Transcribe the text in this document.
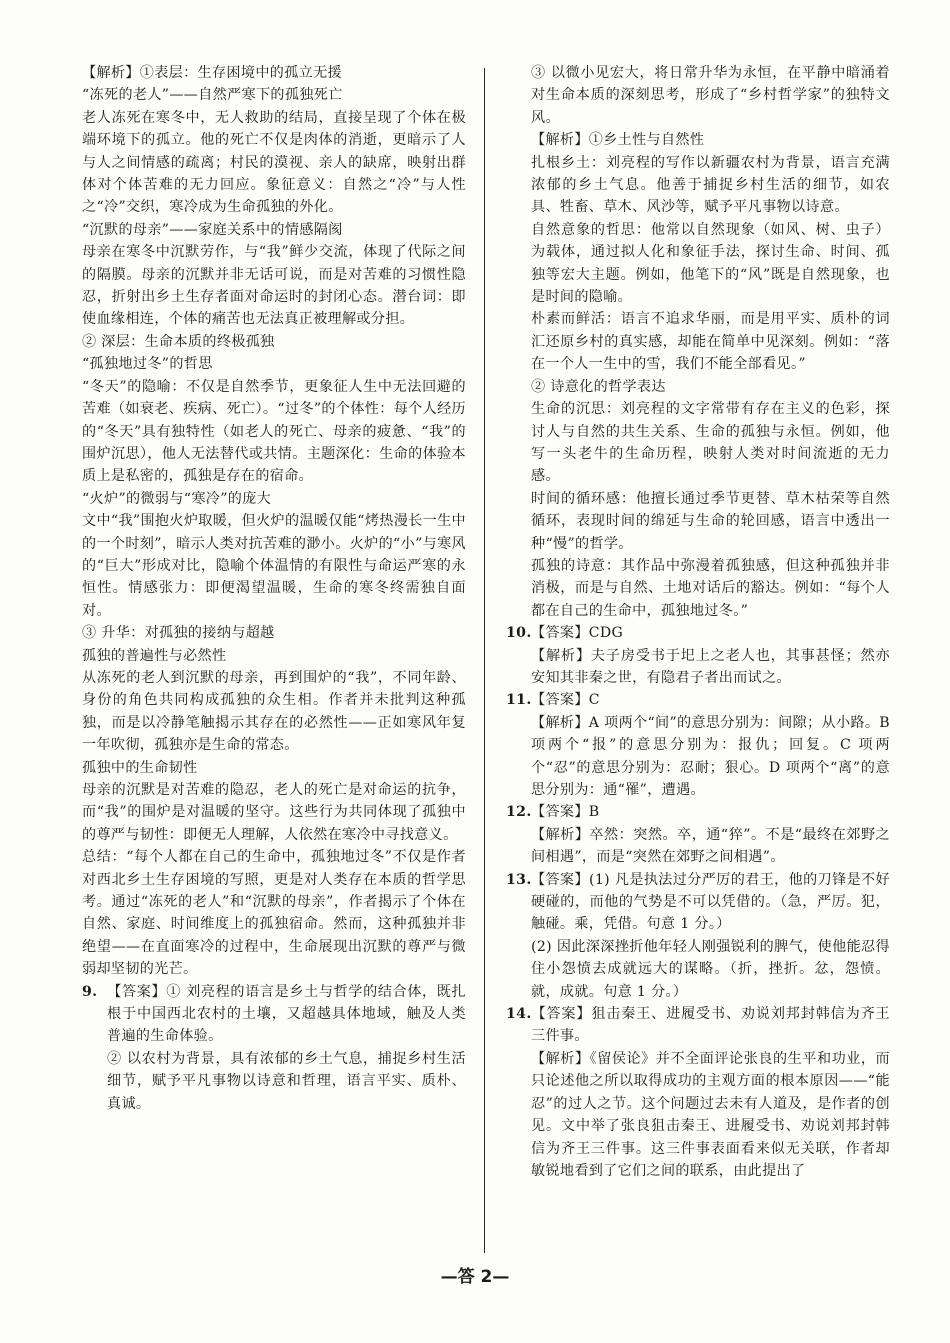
【解析】①表层：生存困境中的孤立无援

“冻死的老人”——自然严寒下的孤独死亡

老人冻死在寒冬中，无人救助的结局，直接呈现了个体在极端环境下的孤立。他的死亡不仅是肉体的消逝，更暗示了人与人之间情感的疏离；村民的漠视、亲人的缺席，映射出群体对个体苦难的无力回应。象征意义：自然之“冷”与人性之“冷”交织，寒冷成为生命孤独的外化。

“沉默的母亲”——家庭关系中的情感隔阂

母亲在寒冬中沉默劳作，与“我”鲜少交流，体现了代际之间的隔膜。母亲的沉默并非无话可说，而是对苦难的习惯性隐忍，折射出乡土生存者面对命运时的封闭心态。潜台词：即使血缘相连，个体的痛苦也无法真正被理解或分担。

② 深层：生命本质的终极孤独

“孤独地过冬”的哲思

“冬天”的隐喻：不仅是自然季节，更象征人生中无法回避的苦难（如衰老、疾病、死亡）。“过冬”的个体性：每个人经历的“冬天”具有独特性（如老人的死亡、母亲的疲惫、“我”的围炉沉思），他人无法替代或共情。主题深化：生命的体验本质上是私密的，孤独是存在的宿命。

“火炉”的微弱与“寒冷”的庞大

文中“我”围抱火炉取暖，但火炉的温暖仅能“烤热漫长一生中的一个时刻”，暗示人类对抗苦难的渺小。火炉的“小”与寒风的“巨大”形成对比，隐喻个体温情的有限性与命运严寒的永恒性。情感张力：即便渴望温暖，生命的寒冬终需独自面对。

③ 升华：对孤独的接纳与超越

孤独的普遍性与必然性

从冻死的老人到沉默的母亲，再到围炉的“我”，不同年龄、身份的角色共同构成孤独的众生相。作者并未批判这种孤独，而是以冷静笔触揭示其存在的必然性——正如寒风年复一年吹彻，孤独亦是生命的常态。

孤独中的生命韧性

母亲的沉默是对苦难的隐忍，老人的死亡是对命运的抗争，而“我”的围炉是对温暖的坚守。这些行为共同体现了孤独中的尊严与韧性：即便无人理解，人依然在寒冷中寻找意义。

总结：“每个人都在自己的生命中，孤独地过冬”不仅是作者对西北乡土生存困境的写照，更是对人类存在本质的哲学思考。通过“冻死的老人”和“沉默的母亲”，作者揭示了个体在自然、家庭、时间维度上的孤独宿命。然而，这种孤独并非绝望——在直面寒冷的过程中，生命展现出沉默的尊严与微弱却坚韧的光芒。

9. 【答案】① 刘亮程的语言是乡土与哲学的结合体，既扎根于中国西北农村的土壤，又超越具体地域，触及人类普遍的生命体验。

② 以农村为背景，具有浓郁的乡土气息，捕捉乡村生活细节，赋予平凡事物以诗意和哲理，语言平实、质朴、真诚。

③ 以微小见宏大，将日常升华为永恒，在平静中暗涌着对生命本质的深刻思考，形成了“乡村哲学家”的独特文风。

【解析】①乡土性与自然性

扎根乡土：刘亮程的写作以新疆农村为背景，语言充满浓郁的乡土气息。他善于捕捉乡村生活的细节，如农具、牲畜、草木、风沙等，赋予平凡事物以诗意。

自然意象的哲思：他常以自然现象（如风、树、虫子）为载体，通过拟人化和象征手法，探讨生命、时间、孤独等宏大主题。例如，他笔下的“风”既是自然现象，也是时间的隐喻。

朴素而鲜活：语言不追求华丽，而是用平实、质朴的词汇还原乡村的真实感，却能在简单中见深刻。例如：“落在一个人一生中的雪，我们不能全部看见。”

② 诗意化的哲学表达

生命的沉思：刘亮程的文字常带有存在主义的色彩，探讨人与自然的共生关系、生命的孤独与永恒。例如，他写一头老牛的生命历程，映射人类对时间流逝的无力感。

时间的循环感：他擅长通过季节更替、草木枯荣等自然循环，表现时间的绵延与生命的轮回感，语言中透出一种“慢”的哲学。

孤独的诗意：其作品中弥漫着孤独感，但这种孤独并非消极，而是与自然、土地对话后的豁达。例如：“每个人都在自己的生命中，孤独地过冬。”

10.【答案】CDG

【解析】夫子房受书于圯上之老人也，其事甚怪；然亦安知其非秦之世，有隐君子者出而试之。

11.【答案】C

【解析】A 项两个“间”的意思分别为：间隙；从小路。B 项两个“报”的意思分别为：报仇；回复。C 项两个“忍”的意思分别为：忍耐；狠心。D 项两个“离”的意思分别为：通“罹”，遭遇。

12.【答案】B

【解析】卒然：突然。卒，通“猝”。不是“最终在郊野之间相遇”，而是“突然在郊野之间相遇”。

13.【答案】(1) 凡是执法过分严厉的君王，他的刀锋是不好硬碰的，而他的气势是不可以凭借的。（急，严厉。犯，触碰。乘，凭借。句意 1 分。）

(2) 因此深深挫折他年轻人刚强锐利的脾气，使他能忍得住小怨愤去成就远大的谋略。（折，挫折。忿，怨愤。就，成就。句意 1 分。）

14.【答案】狙击秦王、进履受书、劝说刘邦封韩信为齐王三件事。

【解析】《留侯论》并不全面评论张良的生平和功业，而只论述他之所以取得成功的主观方面的根本原因——“能忍”的过人之节。这个问题过去未有人道及，是作者的创见。文中举了张良狙击秦王、进履受书、劝说刘邦封韩信为齐王三件事。这三件事表面看来似无关联，作者却敏锐地看到了它们之间的联系，由此提出了

—答 2—
